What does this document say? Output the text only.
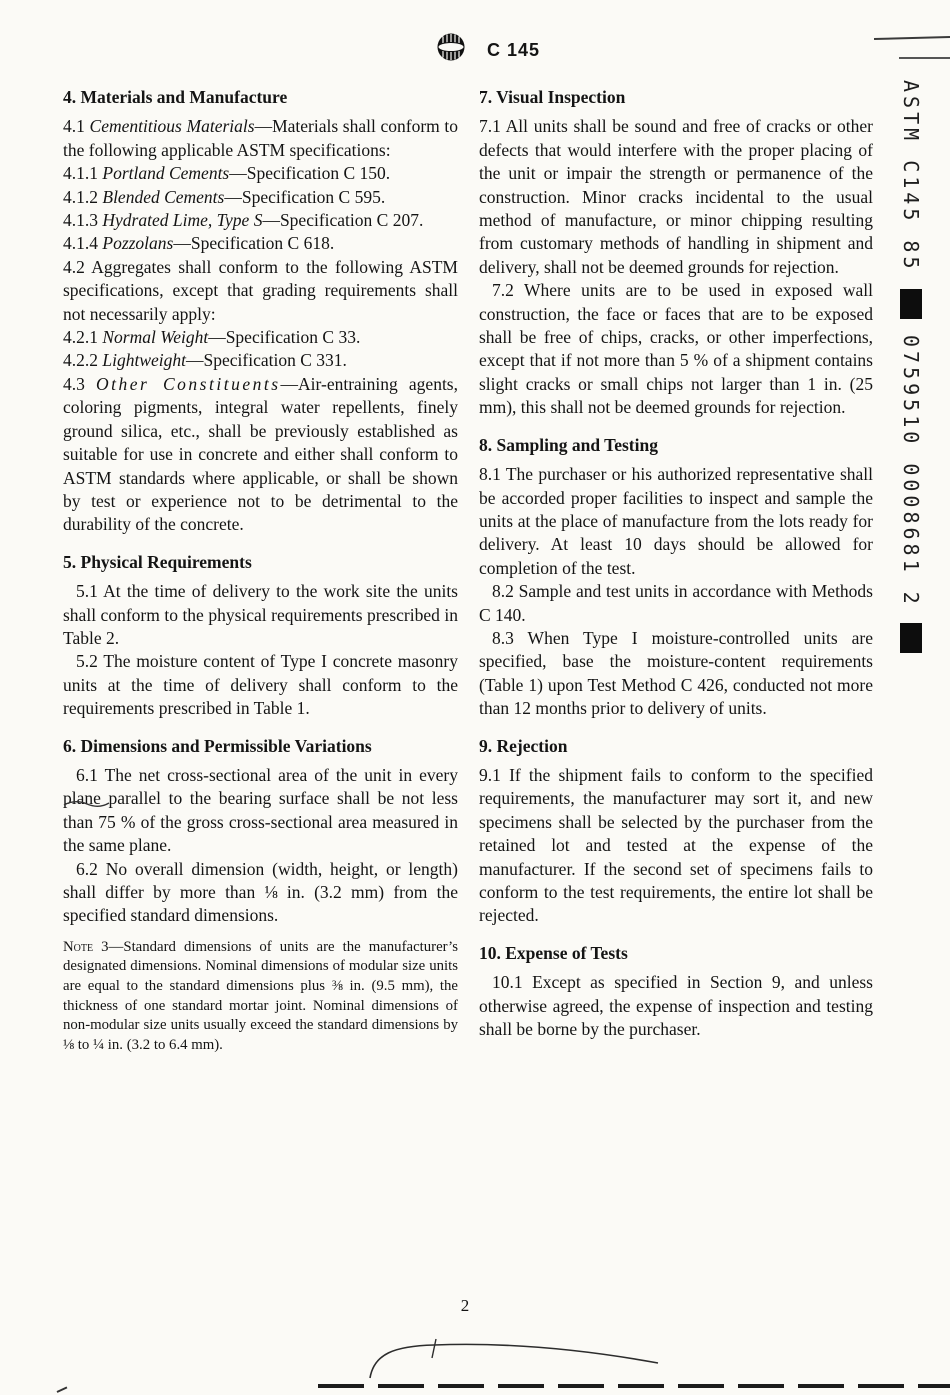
C 145
4. Materials and Manufacture

4.1 Cementitious Materials—Materials shall conform to the following applicable ASTM specifications:

4.1.1 Portland Cements—Specification C 150.

4.1.2 Blended Cements—Specification C 595.

4.1.3 Hydrated Lime, Type S—Specification C 207.

4.1.4 Pozzolans—Specification C 618.

4.2 Aggregates shall conform to the following ASTM specifications, except that grading requirements shall not necessarily apply:

4.2.1 Normal Weight—Specification C 33.

4.2.2 Lightweight—Specification C 331.

4.3 Other Constituents—Air-entraining agents, coloring pigments, integral water repellents, finely ground silica, etc., shall be previously established as suitable for use in concrete and either shall conform to ASTM standards where applicable, or shall be shown by test or experience not to be detrimental to the durability of the concrete.

5. Physical Requirements

5.1 At the time of delivery to the work site the units shall conform to the physical requirements prescribed in Table 2.

5.2 The moisture content of Type I concrete masonry units at the time of delivery shall conform to the requirements prescribed in Table 1.

6. Dimensions and Permissible Variations

6.1 The net cross-sectional area of the unit in every plane parallel to the bearing surface shall be not less than 75 % of the gross cross-sectional area measured in the same plane.

6.2 No overall dimension (width, height, or length) shall differ by more than ⅛ in. (3.2 mm) from the specified standard dimensions.

Note 3—Standard dimensions of units are the manufacturer’s designated dimensions. Nominal dimensions of modular size units are equal to the standard dimensions plus ⅜ in. (9.5 mm), the thickness of one standard mortar joint. Nominal dimensions of non-modular size units usually exceed the standard dimensions by ⅛ to ¼ in. (3.2 to 6.4 mm).

7. Visual Inspection

7.1 All units shall be sound and free of cracks or other defects that would interfere with the proper placing of the unit or impair the strength or permanence of the construction. Minor cracks incidental to the usual method of manufacture, or minor chipping resulting from customary methods of handling in shipment and delivery, shall not be deemed grounds for rejection.

7.2 Where units are to be used in exposed wall construction, the face or faces that are to be exposed shall be free of chips, cracks, or other imperfections, except that if not more than 5 % of a shipment contains slight cracks or small chips not larger than 1 in. (25 mm), this shall not be deemed grounds for rejection.

8. Sampling and Testing

8.1 The purchaser or his authorized representative shall be accorded proper facilities to inspect and sample the units at the place of manufacture from the lots ready for delivery. At least 10 days should be allowed for completion of the test.

8.2 Sample and test units in accordance with Methods C 140.

8.3 When Type I moisture-controlled units are specified, base the moisture-content requirements (Table 1) upon Test Method C 426, conducted not more than 12 months prior to delivery of units.

9. Rejection

9.1 If the shipment fails to conform to the specified requirements, the manufacturer may sort it, and new specimens shall be selected by the purchaser from the retained lot and tested at the expense of the manufacturer. If the second set of specimens fails to conform to the test requirements, the entire lot shall be rejected.

10. Expense of Tests

10.1 Except as specified in Section 9, and unless otherwise agreed, the expense of inspection and testing shall be borne by the purchaser.

ASTM C145 85
0759510 0008681 2
2
